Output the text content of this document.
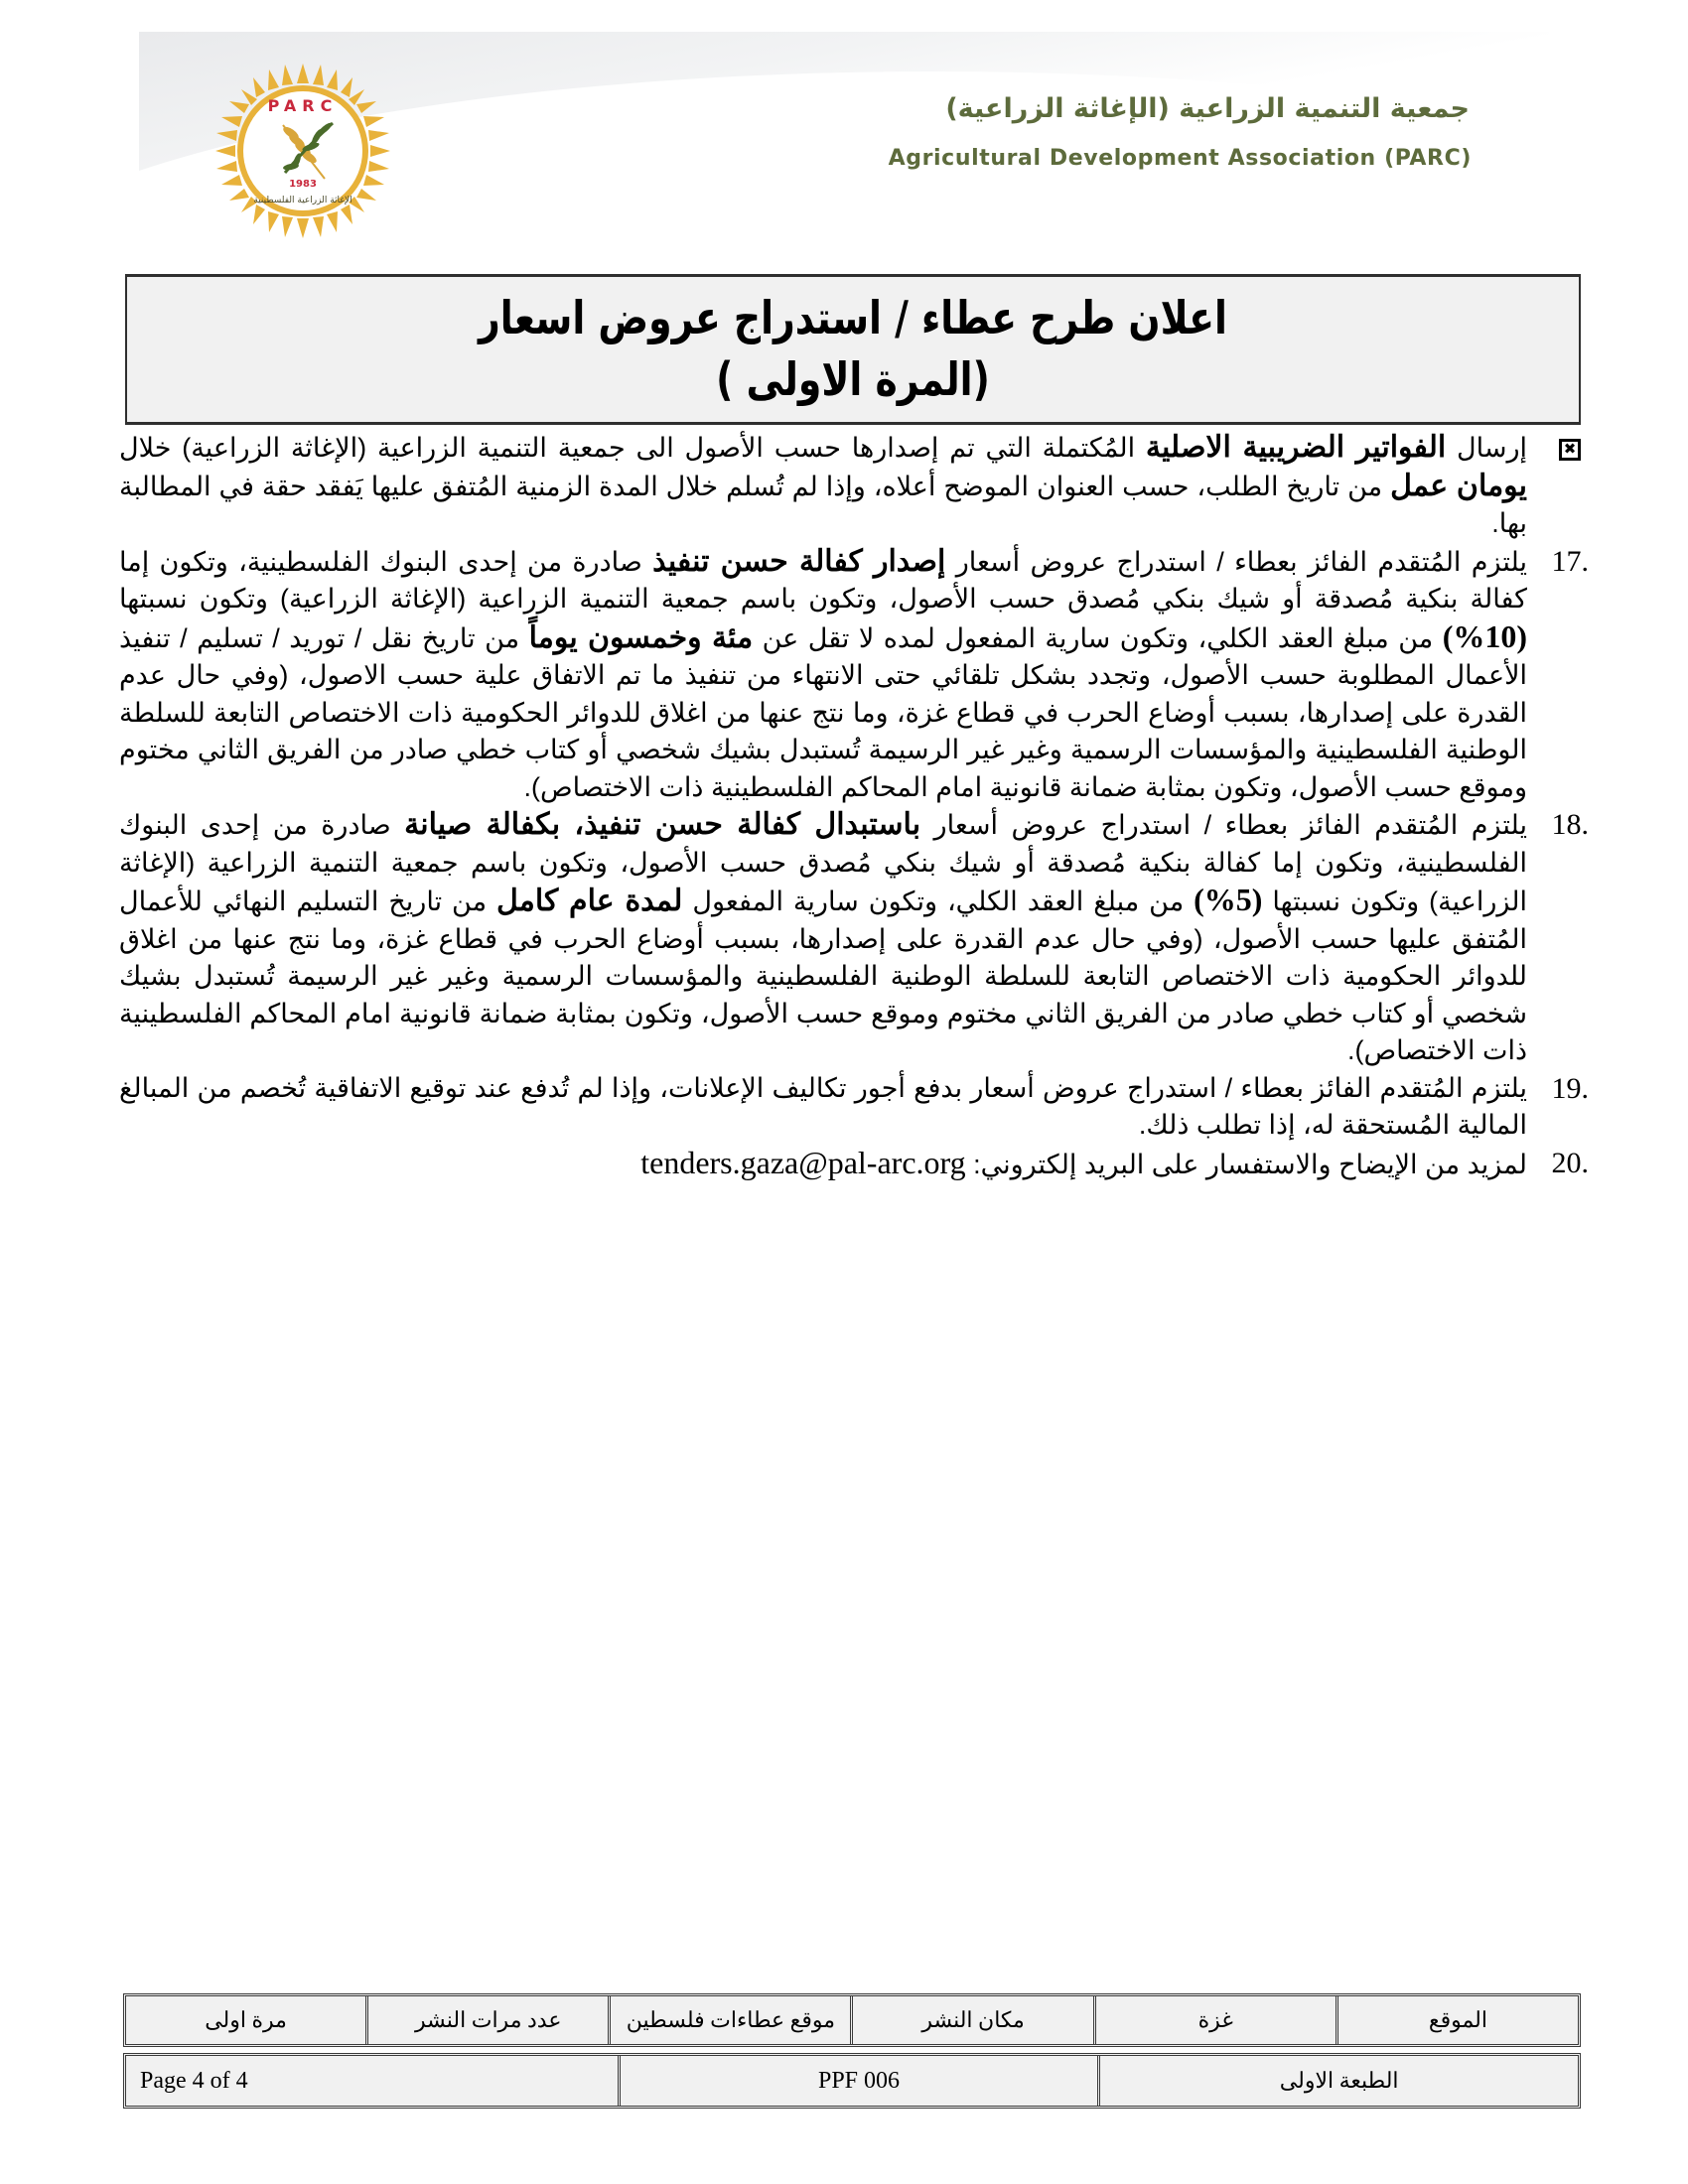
PARC
1983
الإغاثة الزراعية الفلسطينية
جمعية التنمية الزراعية (الإغاثة الزراعية)
Agricultural Development Association (PARC)
اعلان طرح عطاء / استدراج عروض اسعار
(المرة الاولى )
✖

إرسال الفواتير الضريبية الاصلية المُكتملة التي تم إصدارها حسب الأصول الى جمعية التنمية الزراعية (الإغاثة الزراعية) خلال يومان عمل من تاريخ الطلب، حسب العنوان الموضح أعلاه، وإذا لم تُسلم خلال المدة الزمنية المُتفق عليها يَفقد حقة في المطالبة بها.

17.

يلتزم المُتقدم الفائز بعطاء / استدراج عروض أسعار إصدار كفالة حسن تنفيذ صادرة من إحدى البنوك الفلسطينية، وتكون إما كفالة بنكية مُصدقة أو شيك بنكي مُصدق حسب الأصول، وتكون باسم جمعية التنمية الزراعية (الإغاثة الزراعية) وتكون نسبتها (10%) من مبلغ العقد الكلي، وتكون سارية المفعول لمده لا تقل عن مئة وخمسون يوماً من تاريخ نقل / توريد / تسليم / تنفيذ الأعمال المطلوبة حسب الأصول، وتجدد بشكل تلقائي حتى الانتهاء من تنفيذ ما تم الاتفاق علية حسب الاصول، (وفي حال عدم القدرة على إصدارها، بسبب أوضاع الحرب في قطاع غزة، وما نتج عنها من اغلاق للدوائر الحكومية ذات الاختصاص التابعة للسلطة الوطنية الفلسطينية والمؤسسات الرسمية وغير غير الرسيمة تُستبدل بشيك شخصي أو كتاب خطي صادر من الفريق الثاني مختوم وموقع حسب الأصول، وتكون بمثابة ضمانة قانونية امام المحاكم الفلسطينية ذات الاختصاص).

18.

يلتزم المُتقدم الفائز بعطاء / استدراج عروض أسعار باستبدال كفالة حسن تنفيذ، بكفالة صيانة صادرة من إحدى البنوك الفلسطينية، وتكون إما كفالة بنكية مُصدقة أو شيك بنكي مُصدق حسب الأصول، وتكون باسم جمعية التنمية الزراعية (الإغاثة الزراعية) وتكون نسبتها (5%) من مبلغ العقد الكلي، وتكون سارية المفعول لمدة عام كامل من تاريخ التسليم النهائي للأعمال المُتفق عليها حسب الأصول، (وفي حال عدم القدرة على إصدارها، بسبب أوضاع الحرب في قطاع غزة، وما نتج عنها من اغلاق للدوائر الحكومية ذات الاختصاص التابعة للسلطة الوطنية الفلسطينية والمؤسسات الرسمية وغير غير الرسيمة تُستبدل بشيك شخصي أو كتاب خطي صادر من الفريق الثاني مختوم وموقع حسب الأصول، وتكون بمثابة ضمانة قانونية امام المحاكم الفلسطينية ذات الاختصاص).

19.

يلتزم المُتقدم الفائز بعطاء / استدراج عروض أسعار بدفع أجور تكاليف الإعلانات، وإذا لم تُدفع عند توقيع الاتفاقية تُخصم من المبالغ المالية المُستحقة له، إذا تطلب ذلك.

20.

لمزيد من الإيضاح والاستفسار على البريد إلكتروني: tenders.gaza@pal-arc.org

الموقع
غزة
مكان النشر
موقع عطاءات فلسطين
عدد مرات النشر
مرة اولى
الطبعة الاولى
PPF 006
Page 4 of 4
